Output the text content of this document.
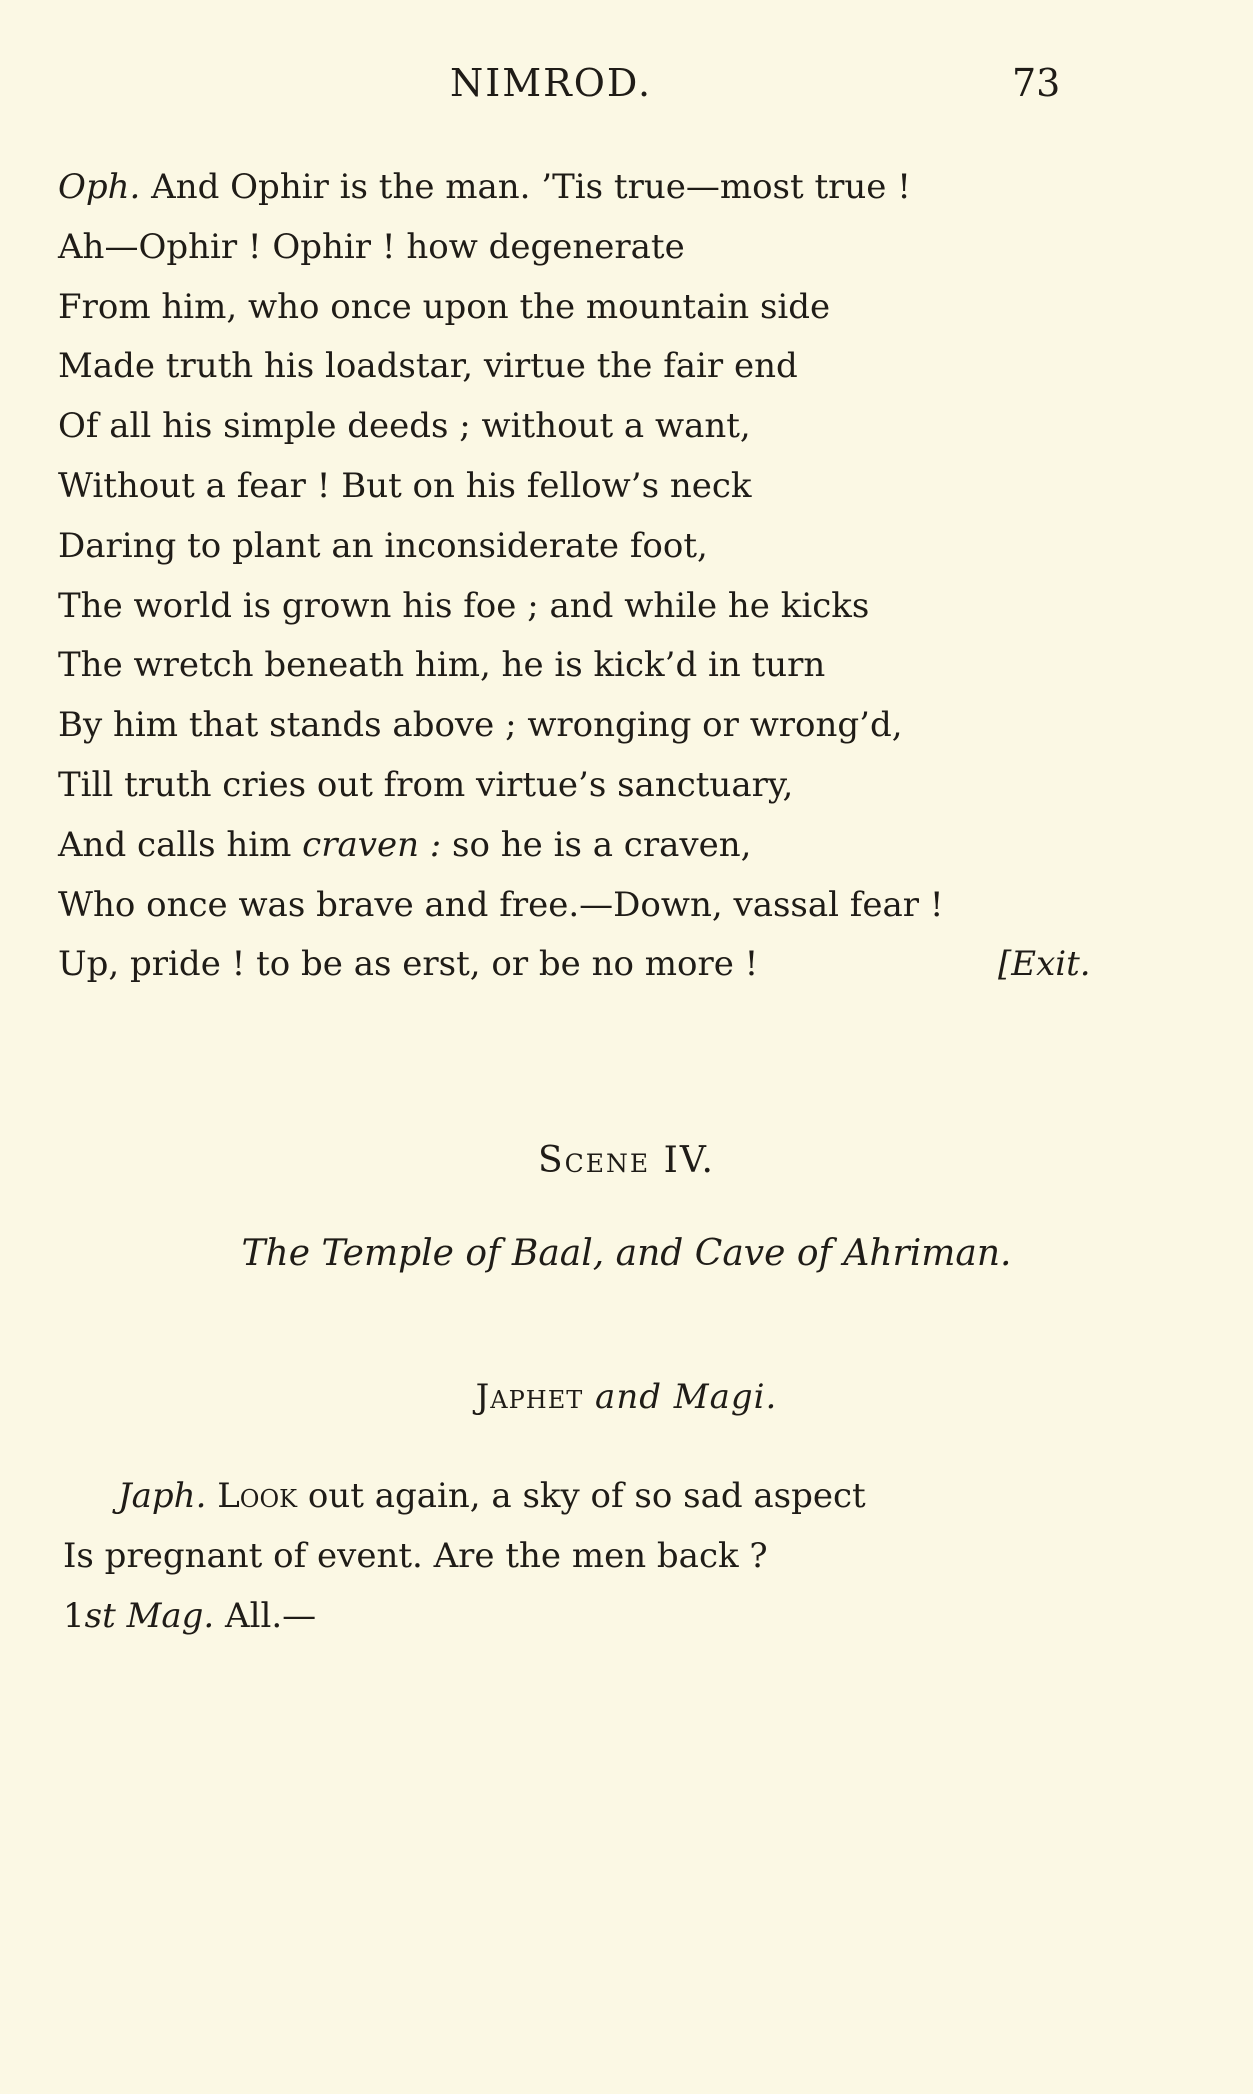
NIMROD.	73
Oph. And Ophir is the man. ’Tis true—most true !
Ah—Ophir ! Ophir ! how degenerate
From him, who once upon the mountain side
Made truth his loadstar, virtue the fair end
Of all his simple deeds ; without a want,
Without a fear ! But on his fellow’s neck
Daring to plant an inconsiderate foot,
The world is grown his foe ; and while he kicks
The wretch beneath him, he is kick’d in turn
By him that stands above ; wronging or wrong’d,
Till truth cries out from virtue’s sanctuary,
And calls him craven : so he is a craven,
Who once was brave and free.—Down, vassal fear !
Up, pride ! to be as erst, or be no more !	[Exit.
Scene IV.
The Temple of Baal, and Cave of Ahriman.
Japhet and Magi.
Japh. Look out again, a sky of so sad aspect
Is pregnant of event. Are the men back ?
1st Mag. All.—
